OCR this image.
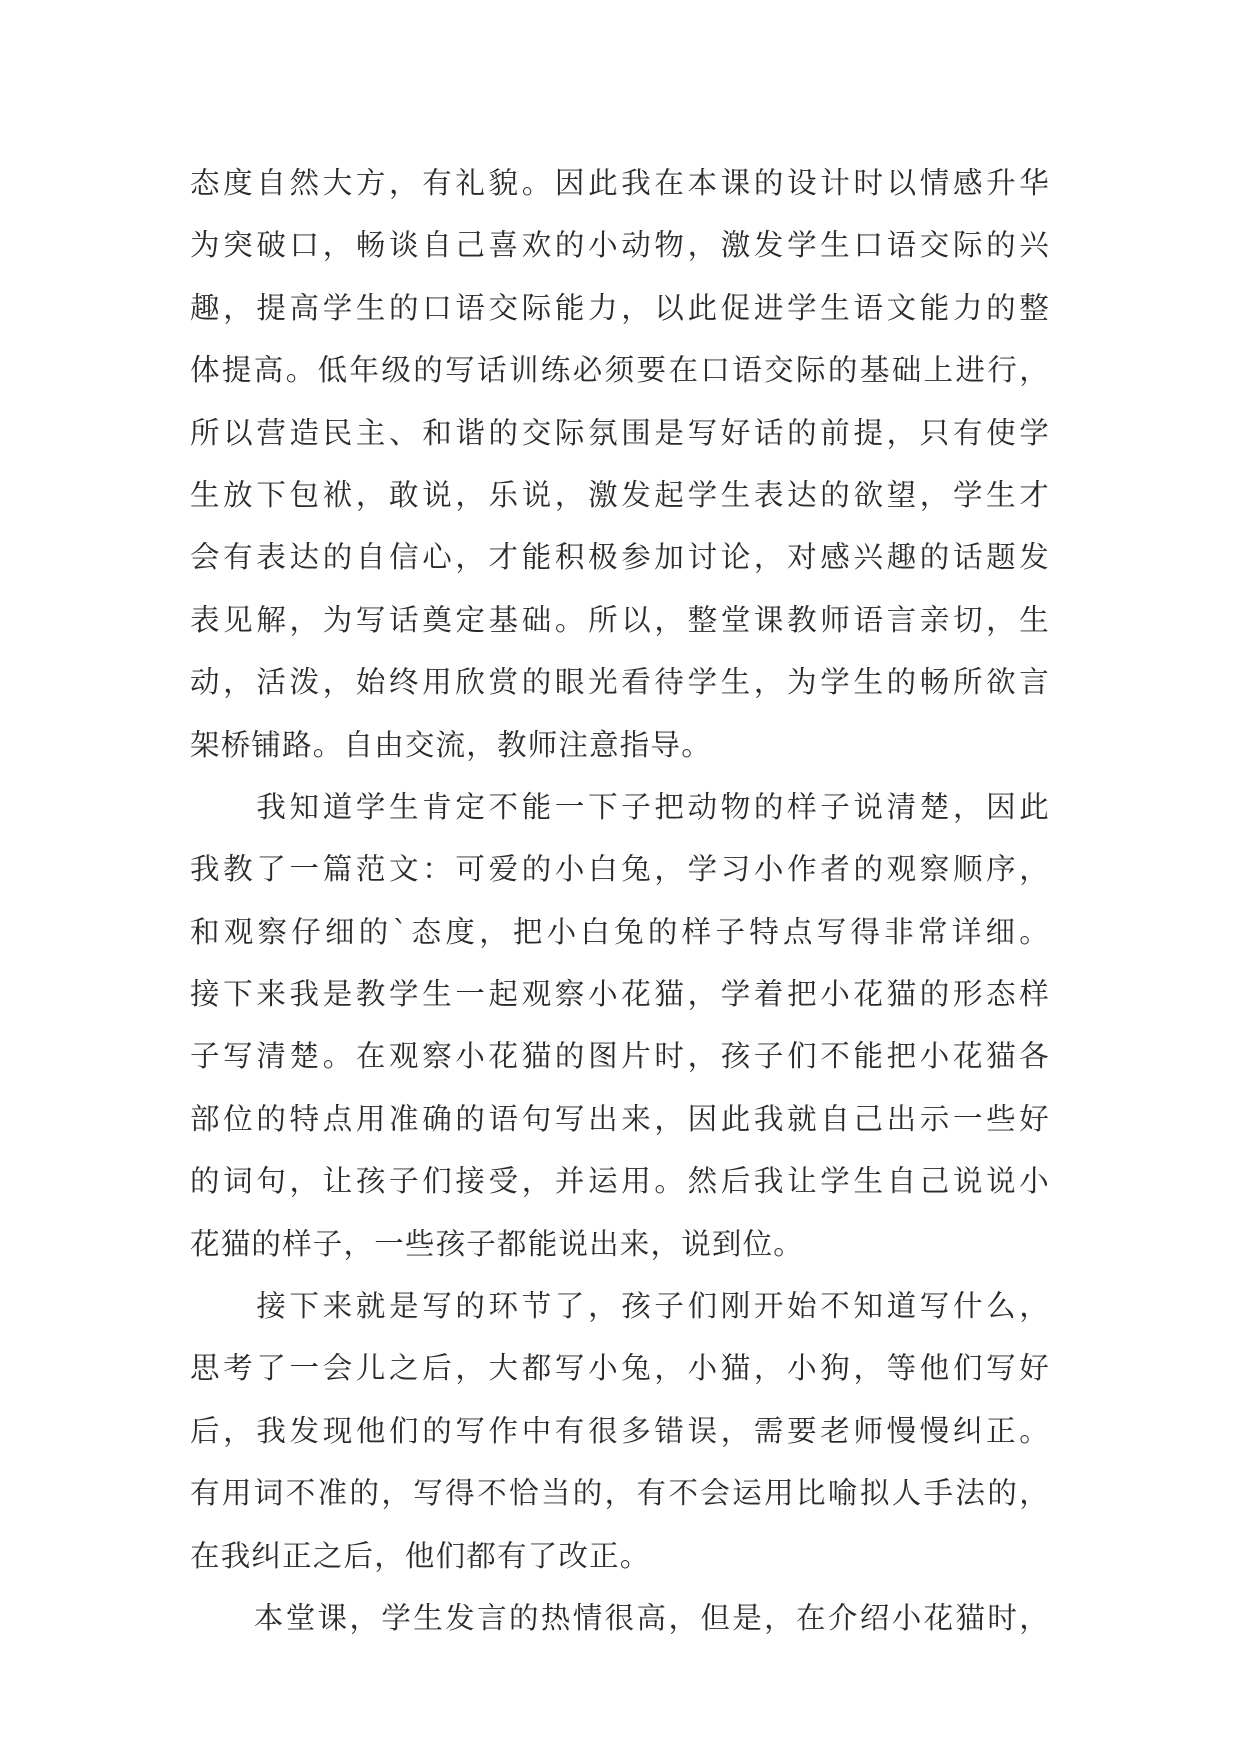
态度自然大方，有礼貌。因此我在本课的设计时以情感升华
为突破口，畅谈自己喜欢的小动物，激发学生口语交际的兴
趣，提高学生的口语交际能力，以此促进学生语文能力的整
体提高。低年级的写话训练必须要在口语交际的基础上进行，
所以营造民主、和谐的交际氛围是写好话的前提，只有使学
生放下包袱，敢说，乐说，激发起学生表达的欲望，学生才
会有表达的自信心，才能积极参加讨论，对感兴趣的话题发
表见解，为写话奠定基础。所以，整堂课教师语言亲切，生
动，活泼，始终用欣赏的眼光看待学生，为学生的畅所欲言
架桥铺路。自由交流，教师注意指导。
　　我知道学生肯定不能一下子把动物的样子说清楚，因此
我教了一篇范文：可爱的小白兔，学习小作者的观察顺序，
和观察仔细的`态度，把小白兔的样子特点写得非常详细。
接下来我是教学生一起观察小花猫，学着把小花猫的形态样
子写清楚。在观察小花猫的图片时，孩子们不能把小花猫各
部位的特点用准确的语句写出来，因此我就自己出示一些好
的词句，让孩子们接受，并运用。然后我让学生自己说说小
花猫的样子，一些孩子都能说出来，说到位。
　　接下来就是写的环节了，孩子们刚开始不知道写什么，
思考了一会儿之后，大都写小兔，小猫，小狗，等他们写好
后，我发现他们的写作中有很多错误，需要老师慢慢纠正。
有用词不准的，写得不恰当的，有不会运用比喻拟人手法的，
在我纠正之后，他们都有了改正。
　　本堂课，学生发言的热情很高，但是，在介绍小花猫时，
